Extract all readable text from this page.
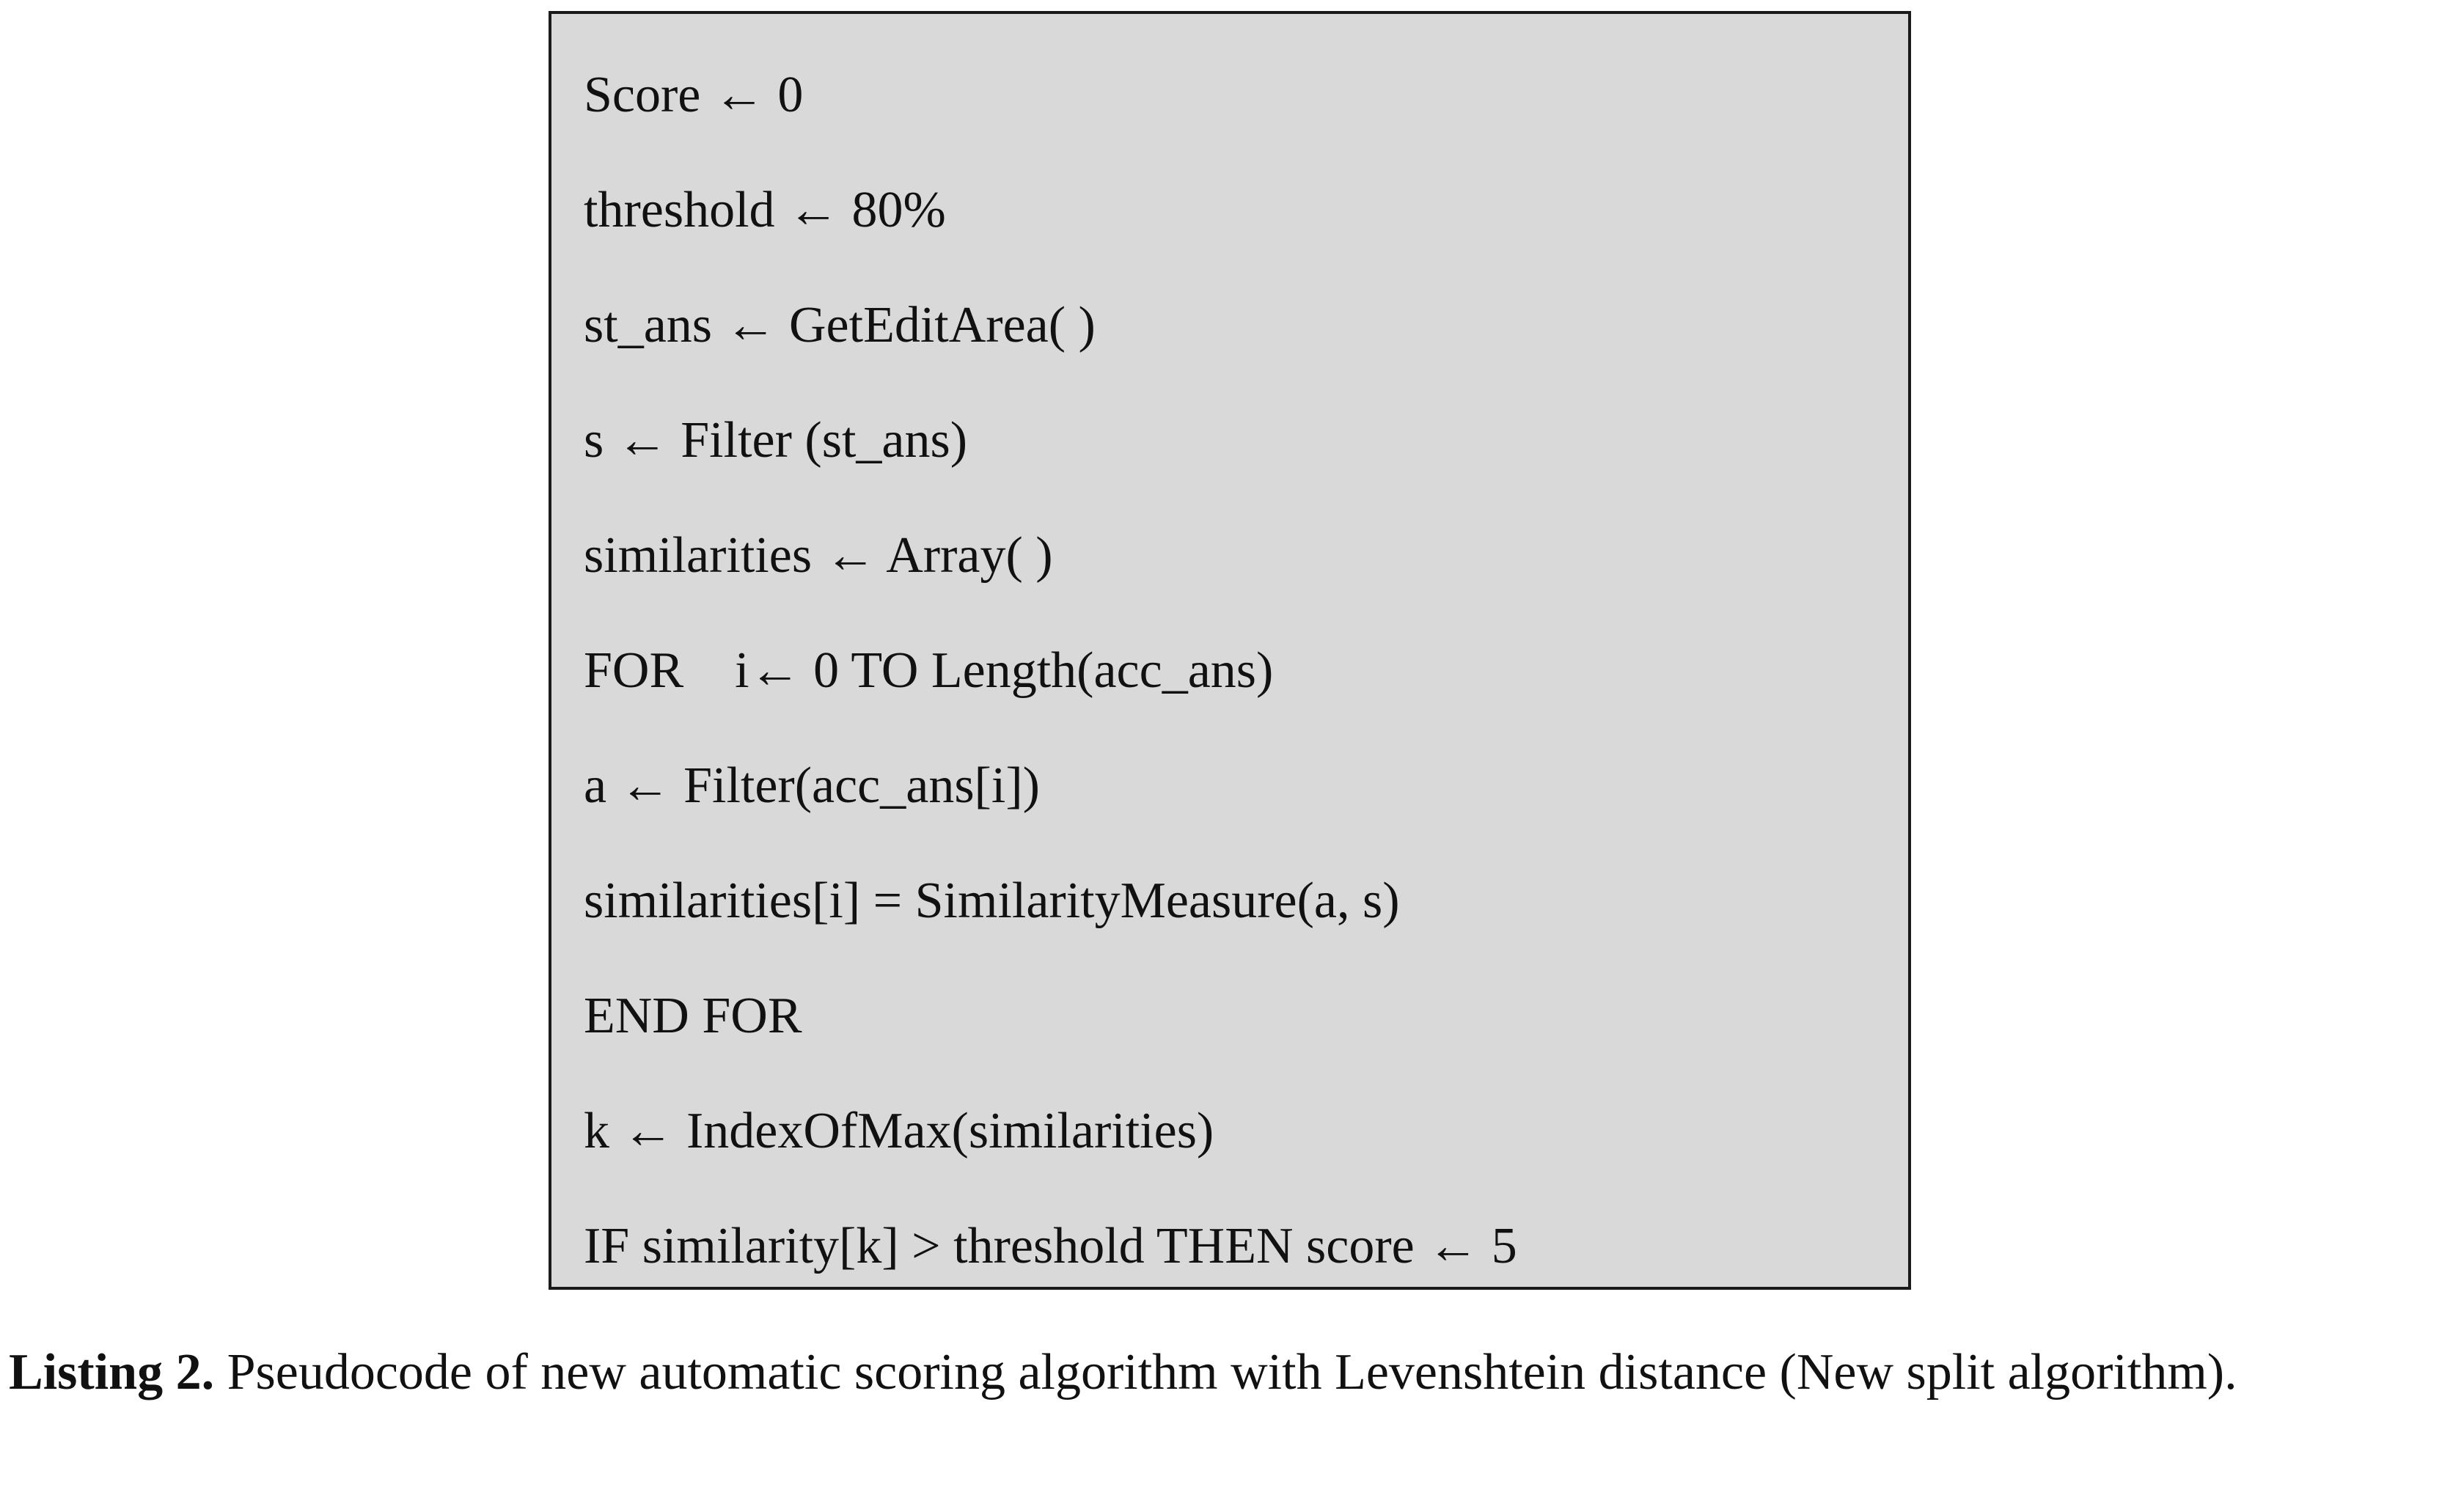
Score ← 0
threshold ← 80%
st_ans ← GetEditArea( )
s ← Filter (st_ans)
similarities ← Array( )
FOR    i← 0 TO Length(acc_ans)
a ← Filter(acc_ans[i])
similarities[i] = SimilarityMeasure(a, s)
END FOR
k ← IndexOfMax(similarities)
IF similarity[k] > threshold THEN score ← 5

Listing 2. Pseudocode of new automatic scoring algorithm with Levenshtein distance (New split algorithm).
